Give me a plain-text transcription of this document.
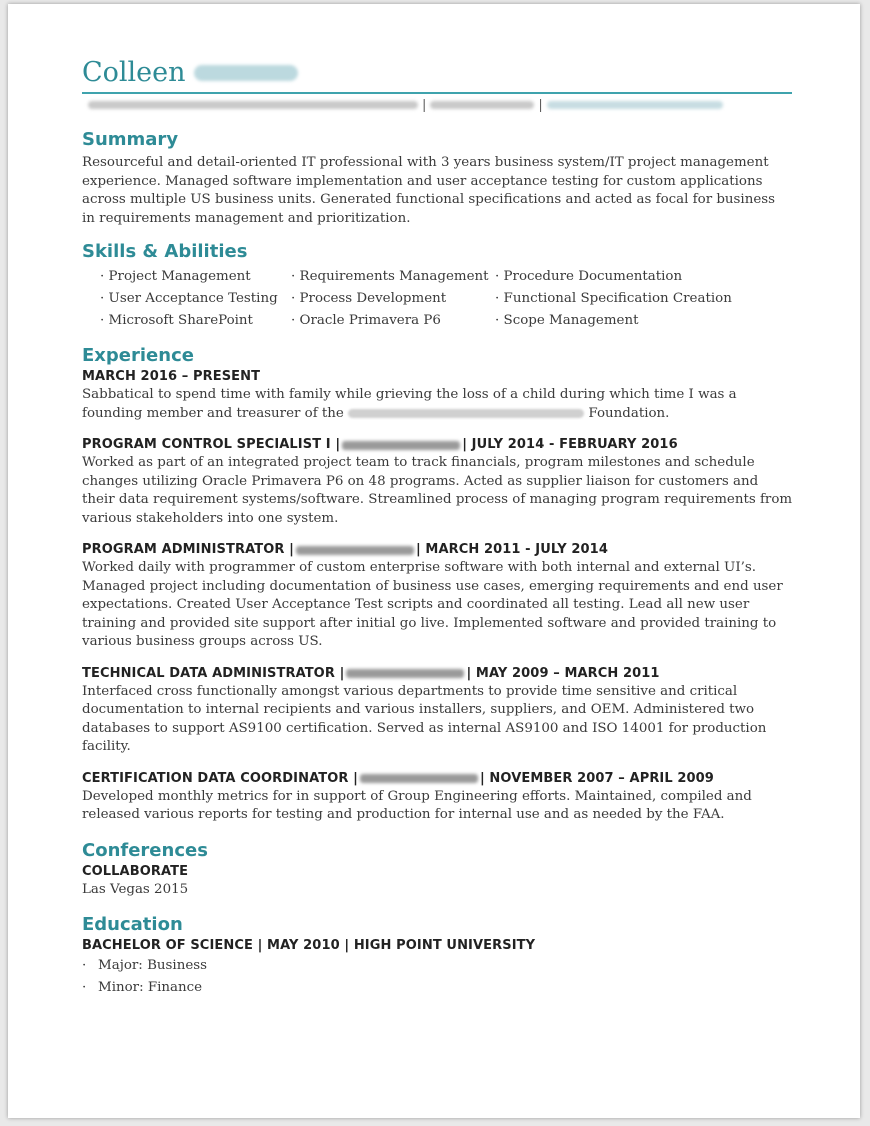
Colleen
|	|
Summary

Resourceful and detail-oriented IT professional with 3 years business system/IT project management experience. Managed software implementation and user acceptance testing for custom applications across multiple US business units. Generated functional specifications and acted as focal for business in requirements management and prioritization.

Skills & Abilities
· Project Management	· Requirements Management · Procedure Documentation
· User Acceptance Testing · Process Development	· Functional Specification Creation
· Microsoft SharePoint	· Oracle Primavera P6	· Scope Management
Experience
MARCH 2016 – PRESENT

Sabbatical to spend time with family while grieving the loss of a child during which time I was a founding member and treasurer of the	Foundation.

PROGRAM CONTROL SPECIALIST I |	| JULY 2014 - FEBRUARY 2016

Worked as part of an integrated project team to track financials, program milestones and schedule changes utilizing Oracle Primavera P6 on 48 programs. Acted as supplier liaison for customers and their data requirement systems/software. Streamlined process of managing program requirements from various stakeholders into one system.

PROGRAM ADMINISTRATOR |	| MARCH 2011 - JULY 2014

Worked daily with programmer of custom enterprise software with both internal and external UI’s. Managed project including documentation of business use cases, emerging requirements and end user expectations. Created User Acceptance Test scripts and coordinated all testing. Lead all new user training and provided site support after initial go live. Implemented software and provided training to various business groups across US.

TECHNICAL DATA ADMINISTRATOR |	| MAY 2009 – MARCH 2011

Interfaced cross functionally amongst various departments to provide time sensitive and critical documentation to internal recipients and various installers, suppliers, and OEM. Administered two databases to support AS9100 certification. Served as internal AS9100 and ISO 14001 for production facility.

CERTIFICATION DATA COORDINATOR |	| NOVEMBER 2007 – APRIL 2009

Developed monthly metrics for in support of Group Engineering efforts. Maintained, compiled and released various reports for testing and production for internal use and as needed by the FAA.

Conferences
COLLABORATE

Las Vegas 2015

Education
BACHELOR OF SCIENCE | MAY 2010 | HIGH POINT UNIVERSITY
· Major: Business
· Minor: Finance
